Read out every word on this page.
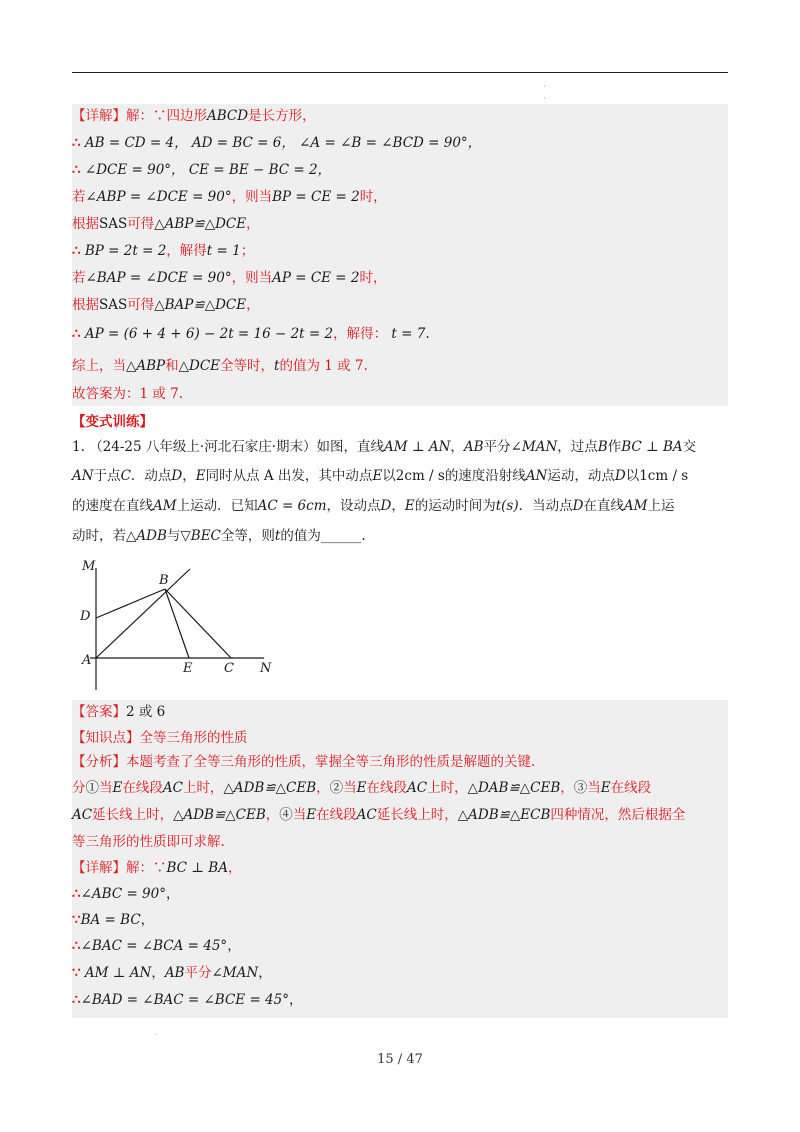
·
·
【详解】解：∵四边形ABCD是长方形，
∴ AB = CD = 4， AD = BC = 6， ∠A = ∠B = ∠BCD = 90°，
∴ ∠DCE = 90°， CE = BE − BC = 2，
若∠ABP = ∠DCE = 90°，则当BP = CE = 2时，
根据SAS可得△ABP≌△DCE，
∴ BP = 2t = 2，解得t = 1；
若∠BAP = ∠DCE = 90°，则当AP = CE = 2时，
根据SAS可得△BAP≌△DCE，
∴ AP = (6 + 4 + 6) − 2t = 16 − 2t = 2，解得： t = 7.
综上，当△ABP和△DCE全等时，t的值为 1 或 7.
故答案为：1 或 7.
【变式训练】
1. （24-25 八年级上·河北石家庄·期末）如图，直线AM ⊥ AN，AB平分∠MAN，过点B作BC ⊥ BA交
AN于点C．动点D，E同时从点 A 出发，其中动点E以2cm / s的速度沿射线AN运动，动点D以1cm / s
的速度在直线AM上运动．已知AC = 6cm，设动点D，E的运动时间为t(s)．当动点D在直线AM上运
动时，若△ADB与▽BEC全等，则t的值为______.
M
B
D
A
E C N
【答案】2 或 6
【知识点】全等三角形的性质
【分析】本题考查了全等三角形的性质，掌握全等三角形的性质是解题的关键.
分①当E在线段AC上时，△ADB≌△CEB，②当E在线段AC上时，△DAB≌△CEB，③当E在线段
AC延长线上时，△ADB≌△CEB，④当E在线段AC延长线上时，△ADB≌△ECB四种情况，然后根据全
等三角形的性质即可求解.
【详解】解：∵BC ⊥ BA，
∴∠ABC = 90°，
∵BA = BC，
∴∠BAC = ∠BCA = 45°，
∵ AM ⊥ AN，AB平分∠MAN，
∴∠BAD = ∠BAC = ∠BCE = 45°，
·
15 / 47
